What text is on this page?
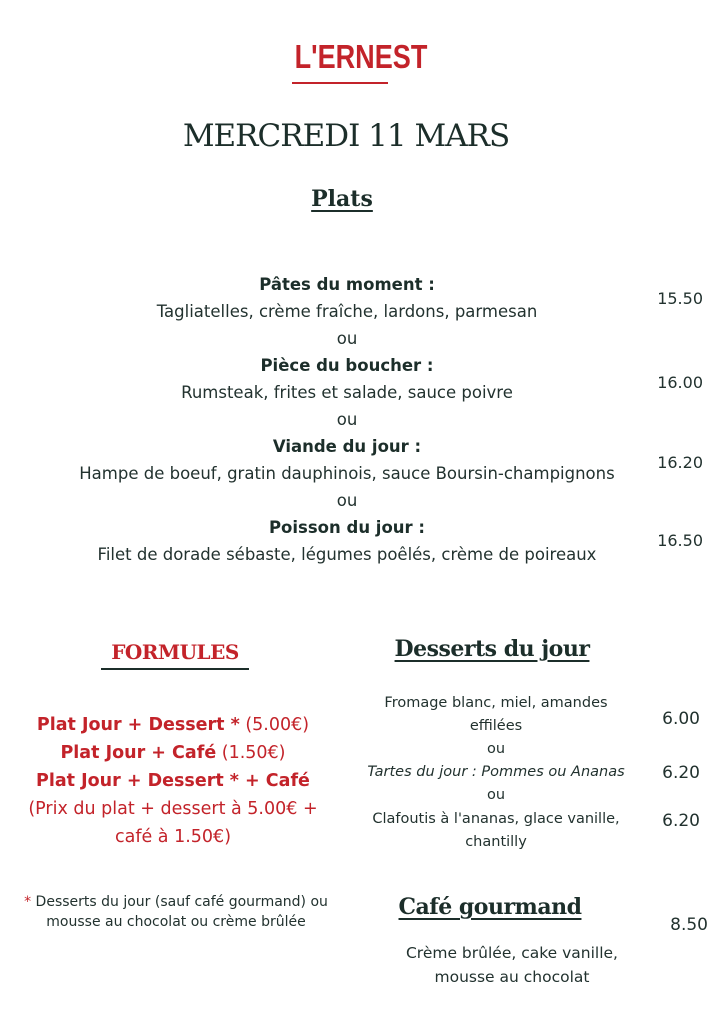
L'ERNEST
MERCREDI 11 MARS
Plats
Pâtes du moment :
Tagliatelles, crème fraîche, lardons, parmesan
15.50
ou
Pièce du boucher :
Rumsteak, frites et salade, sauce poivre
16.00
ou
Viande du jour :
Hampe de boeuf, gratin dauphinois, sauce Boursin-champignons
16.20
ou
Poisson du jour :
Filet de dorade sébaste, légumes poêlés, crème de poireaux
16.50
FORMULES
Plat Jour + Dessert * (5.00€)
Plat Jour + Café (1.50€)
Plat Jour + Dessert * + Café
(Prix du plat + dessert à 5.00€ +
café à 1.50€)
* Desserts du jour (sauf café gourmand) ou
mousse au chocolat ou crème brûlée
Desserts du jour
Fromage blanc, miel, amandes
effilées	6.00
ou
Tartes du jour : Pommes ou Ananas	6.20
ou
Clafoutis à l'ananas, glace vanille,
chantilly
6.20
Café gourmand
8.50
Crème brûlée, cake vanille,
mousse au chocolat
